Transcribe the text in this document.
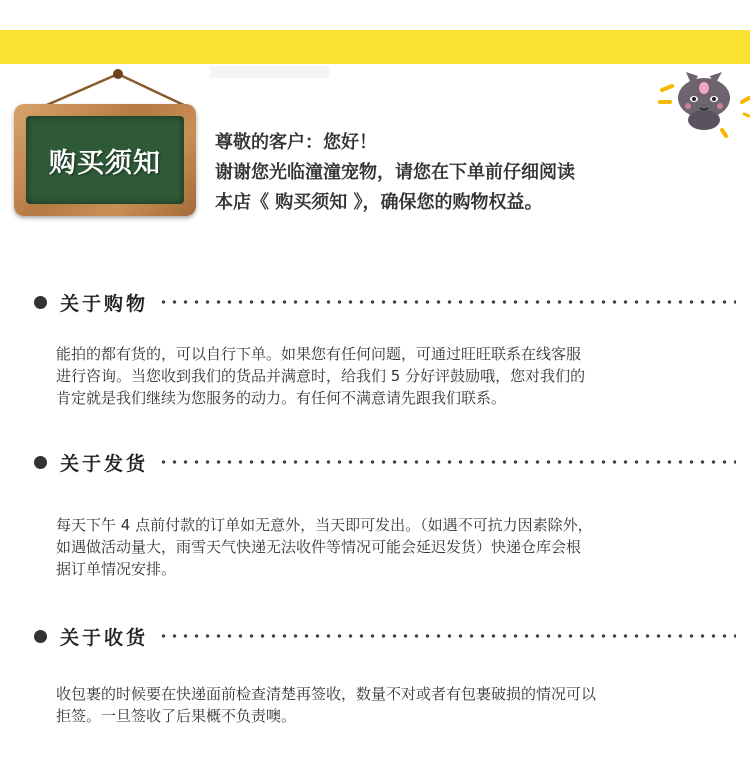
购买须知
尊敬的客户：您好！
谢谢您光临潼潼宠物，请您在下单前仔细阅读
本店《 购买须知 》，确保您的购物权益。
关于购物
能拍的都有货的，可以自行下单。如果您有任何问题，可通过旺旺联系在线客服
进行咨询。当您收到我们的货品并满意时，给我们 5 分好评鼓励哦，您对我们的
肯定就是我们继续为您服务的动力。有任何不满意请先跟我们联系。
关于发货
每天下午 4 点前付款的订单如无意外，当天即可发出。（如遇不可抗力因素除外，
如遇做活动量大，雨雪天气快递无法收件等情况可能会延迟发货）快递仓库会根
据订单情况安排。
关于收货
收包裹的时候要在快递面前检查清楚再签收，数量不对或者有包裹破损的情况可以
拒签。一旦签收了后果概不负责噢。
